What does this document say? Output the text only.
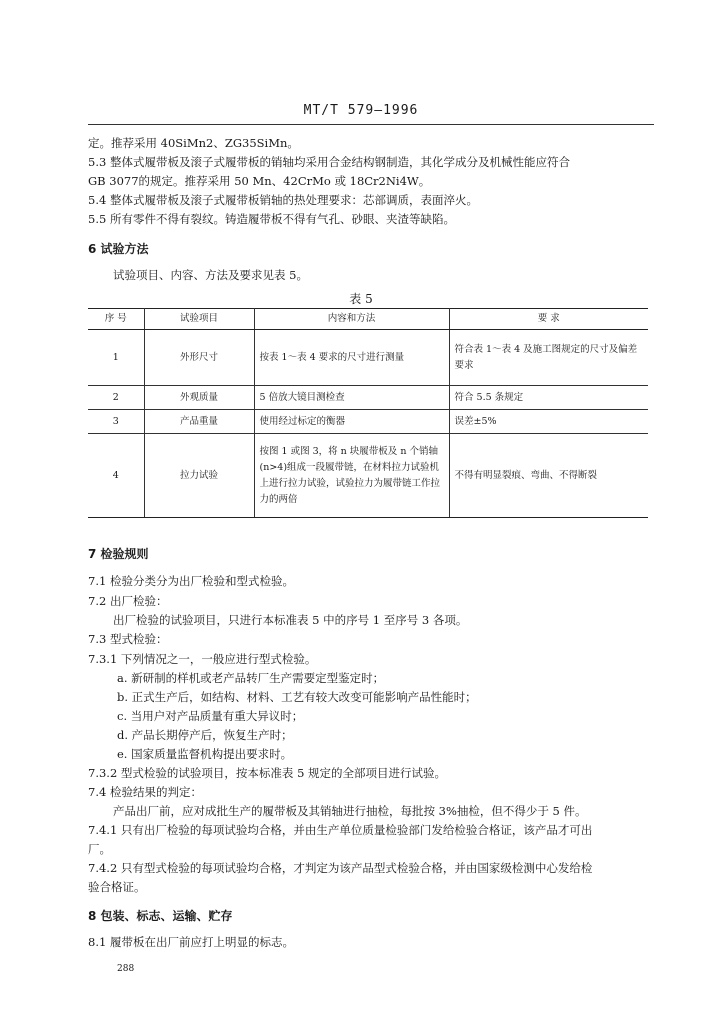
MT/T 579—1996
定。推荐采用 40SiMn2、ZG35SiMn。
5.3 整体式履带板及滚子式履带板的销轴均采用合金结构钢制造，其化学成分及机械性能应符合
GB 3077的规定。推荐采用 50 Mn、42CrMo 或 18Cr2Ni4W。
5.4 整体式履带板及滚子式履带板销轴的热处理要求：芯部调质，表面淬火。
5.5 所有零件不得有裂纹。铸造履带板不得有气孔、砂眼、夹渣等缺陷。
6 试验方法
试验项目、内容、方法及要求见表 5。
表 5
序 号	试验项目	内容和方法	要 求
1	外形尺寸	按表 1～表 4 要求的尺寸进行测量	符合表 1～表 4 及施工图规定的尺寸及偏差要求
2	外观质量	5 倍放大镜目测检查	符合 5.5 条规定
3	产品重量	使用经过标定的衡器	误差±5%
4	拉力试验	按图 1 或图 3，将 n 块履带板及 n 个销轴(n>4)组成一段履带链，在材料拉力试验机上进行拉力试验，试验拉力为履带链工作拉力的两倍	不得有明显裂痕、弯曲、不得断裂
7 检验规则
7.1 检验分类分为出厂检验和型式检验。
7.2 出厂检验：
出厂检验的试验项目，只进行本标准表 5 中的序号 1 至序号 3 各项。
7.3 型式检验：
7.3.1 下列情况之一，一般应进行型式检验。
a. 新研制的样机或老产品转厂生产需要定型鉴定时；
b. 正式生产后，如结构、材料、工艺有较大改变可能影响产品性能时；
c. 当用户对产品质量有重大异议时；
d. 产品长期停产后，恢复生产时；
e. 国家质量监督机构提出要求时。
7.3.2 型式检验的试验项目，按本标准表 5 规定的全部项目进行试验。
7.4 检验结果的判定：
产品出厂前，应对成批生产的履带板及其销轴进行抽检，每批按 3%抽检，但不得少于 5 件。
7.4.1 只有出厂检验的每项试验均合格，并由生产单位质量检验部门发给检验合格证，该产品才可出
厂。
7.4.2 只有型式检验的每项试验均合格，才判定为该产品型式检验合格，并由国家级检测中心发给检
验合格证。
8 包装、标志、运输、贮存
8.1 履带板在出厂前应打上明显的标志。
288
